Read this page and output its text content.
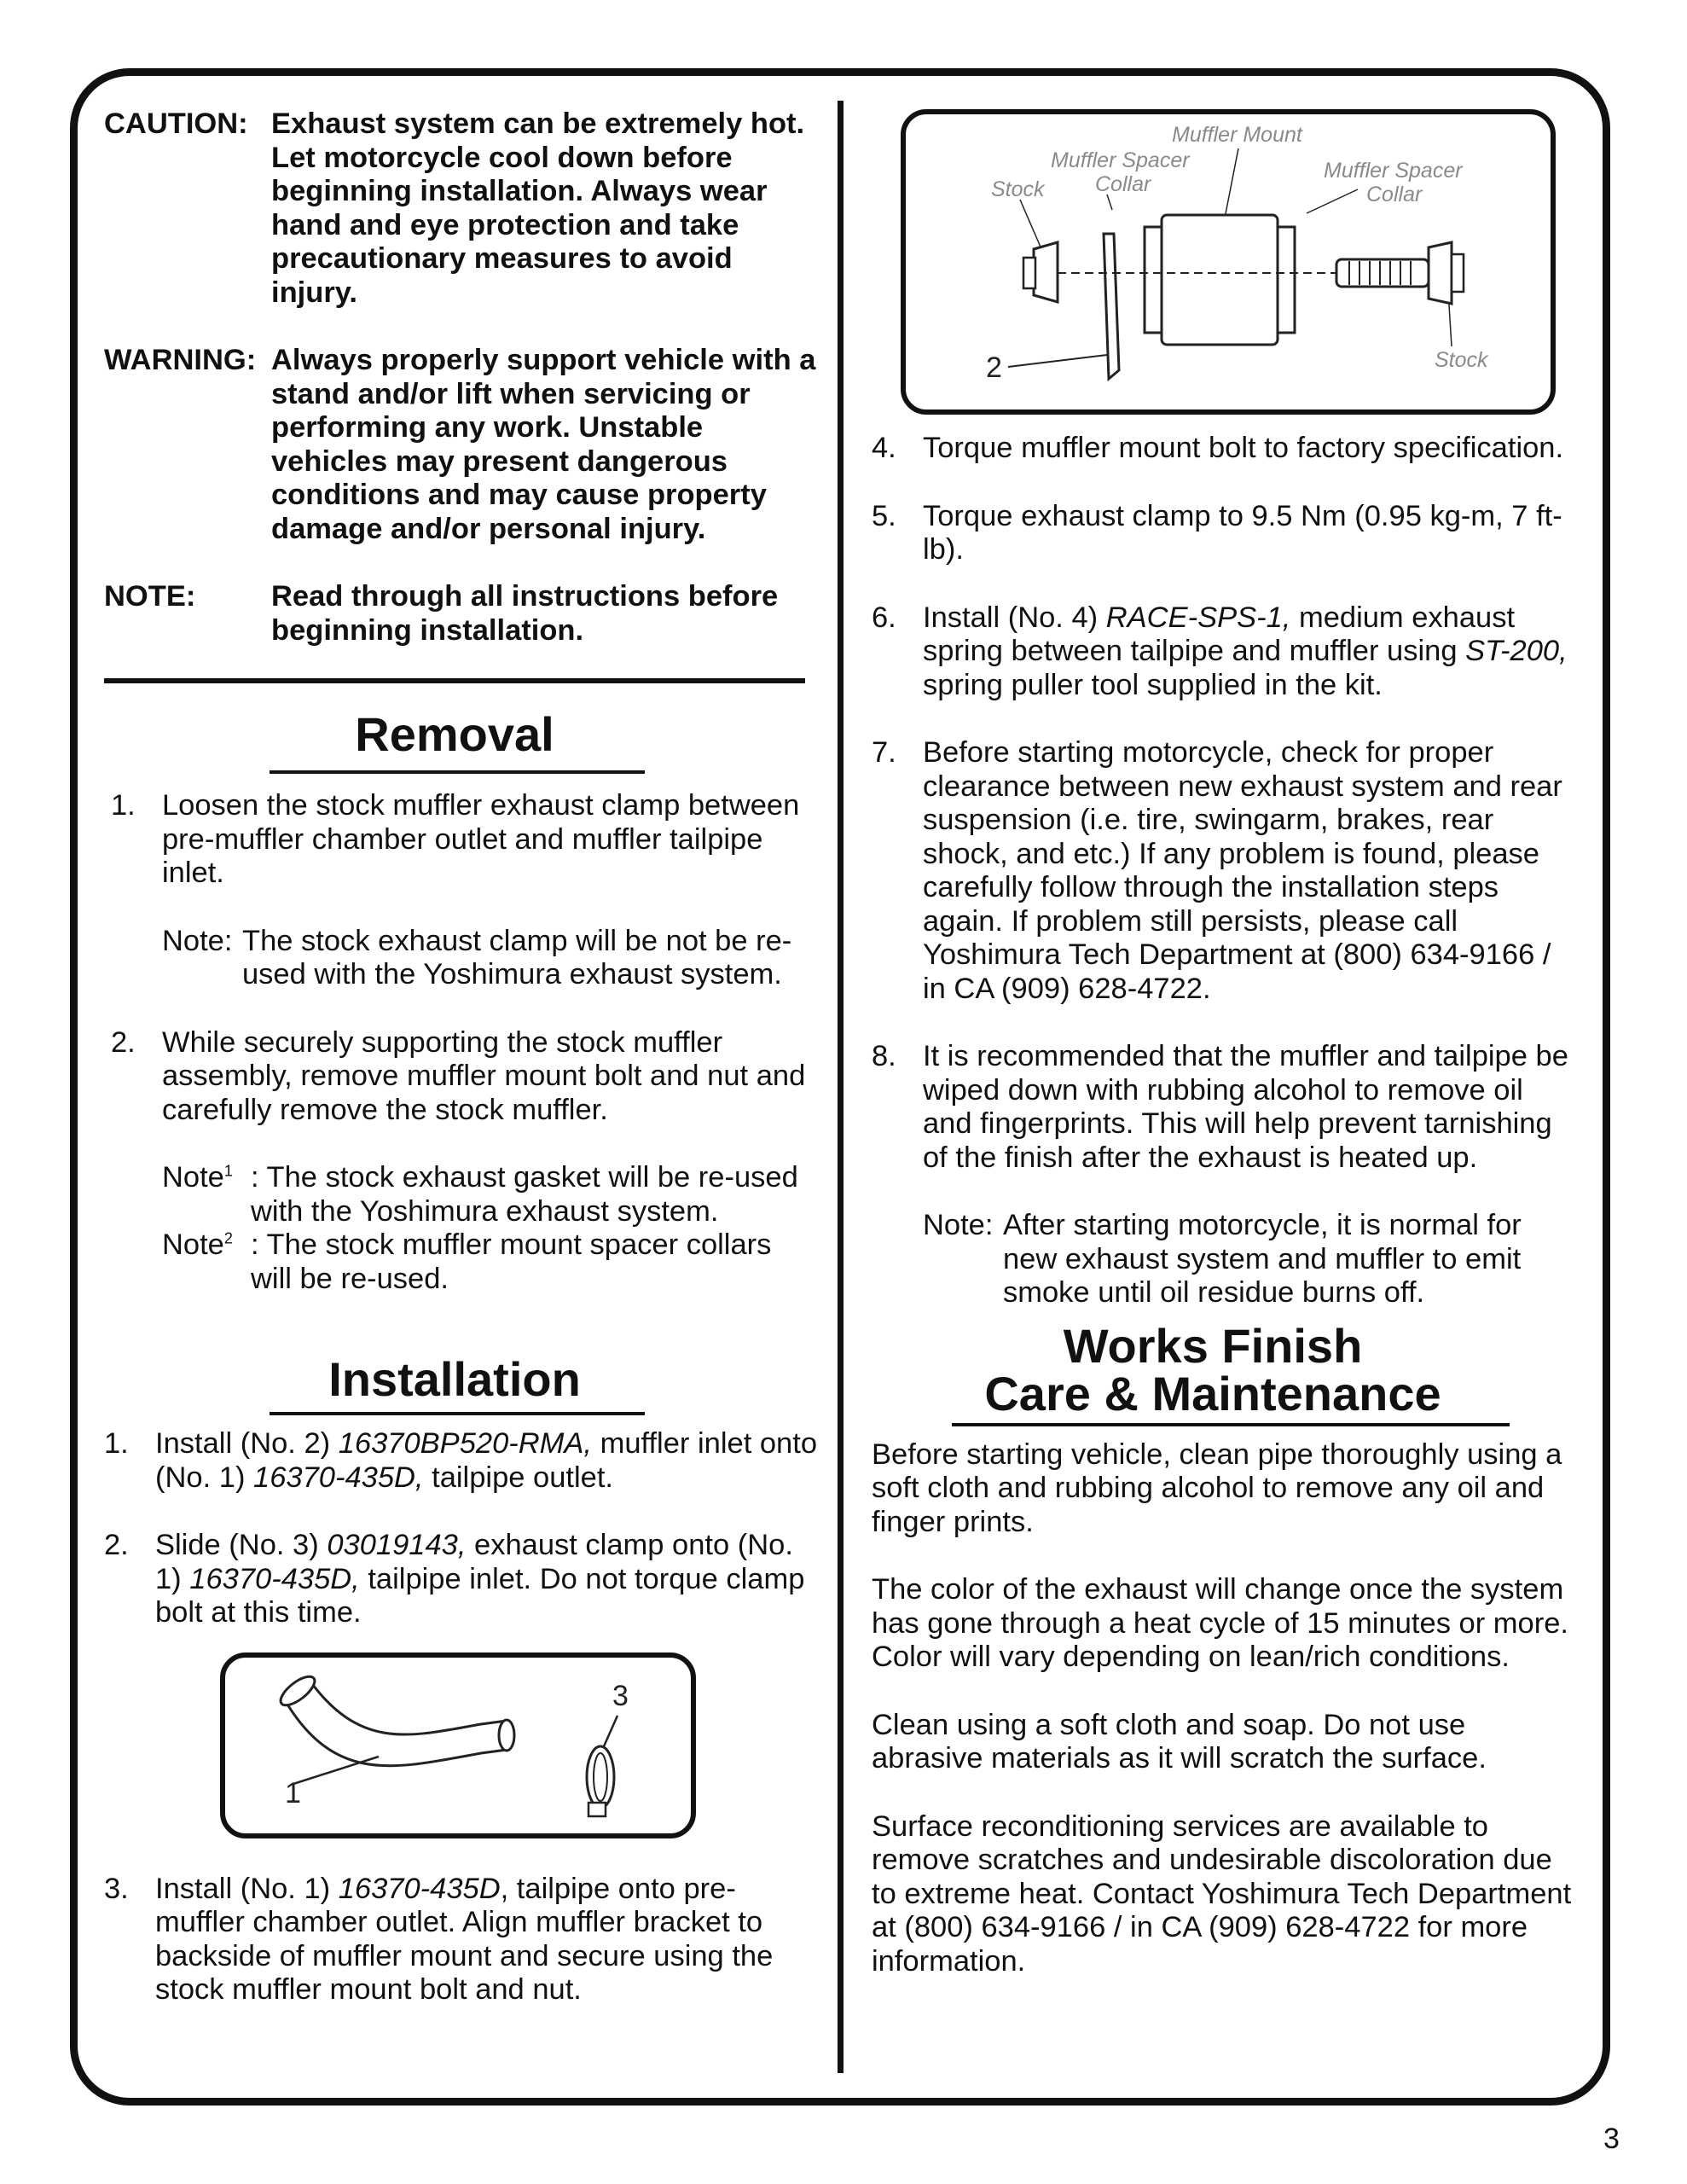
CAUTION: Exhaust system can be extremely hot. Let motorcycle cool down before beginning installation. Always wear hand and eye protection and take precautionary measures to avoid injury.
WARNING: Always properly support vehicle with a stand and/or lift when servicing or performing any work. Unstable vehicles may present dangerous conditions and may cause property damage and/or personal injury.
NOTE:	Read through all instructions before beginning installation.
Removal
1. Loosen the stock muffler exhaust clamp between pre-muffler chamber outlet and muffler tailpipe inlet.
Note: The stock exhaust clamp will be not be re-used with the Yoshimura exhaust system.
2. While securely supporting the stock muffler assembly, remove muffler mount bolt and nut and carefully remove the stock muffler.
Note$^1$ : The stock exhaust gasket will be re-used with the Yoshimura exhaust system.
Note$^2$ : The stock muffler mount spacer collars will be re-used.
Installation
1. Install (No. 2) 16370BP520-RMA, muffler inlet onto (No. 1) 16370-435D, tailpipe outlet.
2. Slide (No. 3) 03019143, exhaust clamp onto (No. 1) 16370-435D, tailpipe inlet. Do not torque clamp bolt at this time.
1
3
3. Install (No. 1) 16370-435D, tailpipe onto pre-muffler chamber outlet. Align muffler bracket to backside of muffler mount and secure using the stock muffler mount bolt and nut.
Muffler Mount
Muffler Spacer
Collar
Stock
Muffler Spacer
Collar
Stock
2
4. Torque muffler mount bolt to factory specification.
5. Torque exhaust clamp to 9.5 Nm (0.95 kg-m, 7 ft-lb).
6. Install (No. 4) RACE-SPS-1, medium exhaust spring between tailpipe and muffler using ST-200, spring puller tool supplied in the kit.
7. Before starting motorcycle, check for proper clearance between new exhaust system and rear suspension (i.e. tire, swingarm, brakes, rear shock, and etc.) If any problem is found, please carefully follow through the installation steps again. If problem still persists, please call Yoshimura Tech Department at (800) 634-9166 / in CA (909) 628-4722.
8. It is recommended that the muffler and tailpipe be wiped down with rubbing alcohol to remove oil and fingerprints. This will help prevent tarnishing of the finish after the exhaust is heated up.
Note: After starting motorcycle, it is normal for new exhaust system and muffler to emit smoke until oil residue burns off.
Works Finish
Care & Maintenance
Before starting vehicle, clean pipe thoroughly using a soft cloth and rubbing alcohol to remove any oil and finger prints.
The color of the exhaust will change once the system has gone through a heat cycle of 15 minutes or more. Color will vary depending on lean/rich conditions.
Clean using a soft cloth and soap. Do not use abrasive materials as it will scratch the surface.
Surface reconditioning services are available to remove scratches and undesirable discoloration due to extreme heat. Contact Yoshimura Tech Department at (800) 634-9166 / in CA (909) 628-4722 for more information.
3
